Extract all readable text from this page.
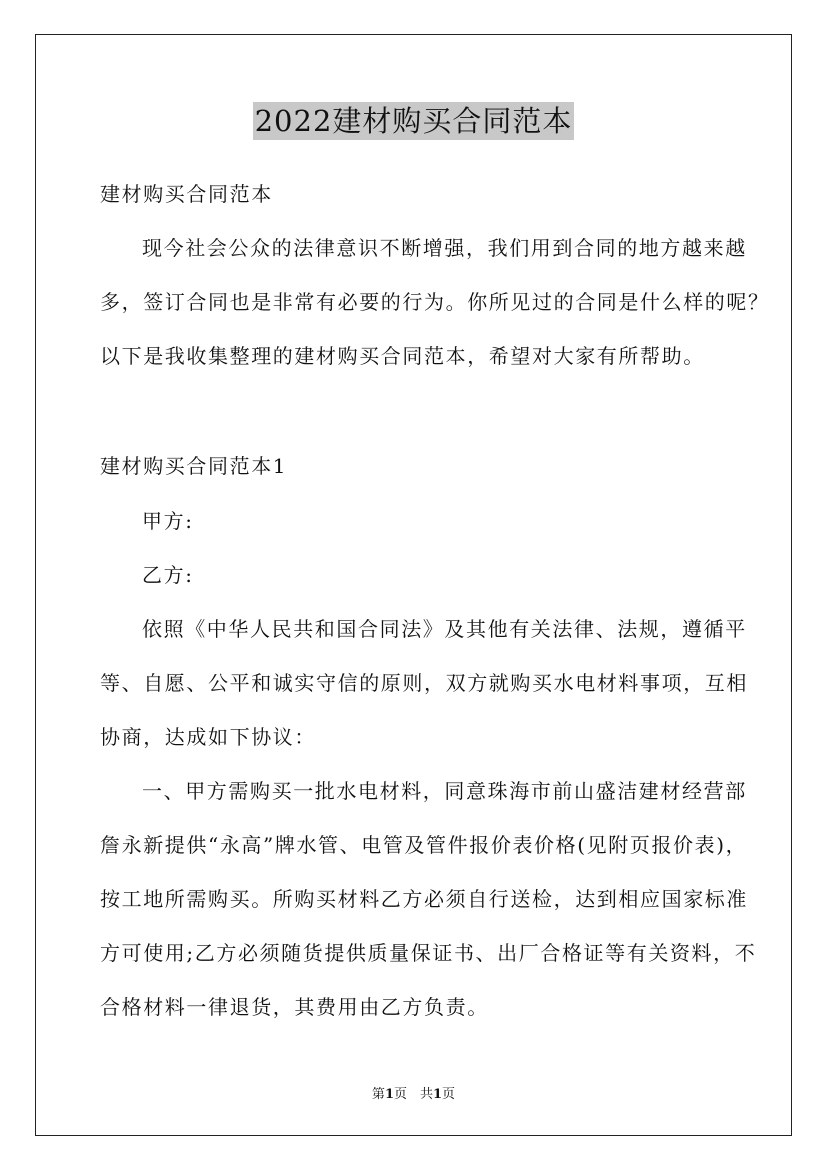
2022建材购买合同范本
建材购买合同范本
现今社会公众的法律意识不断增强，我们用到合同的地方越来越
多，签订合同也是非常有必要的行为。你所见过的合同是什么样的呢？
以下是我收集整理的建材购买合同范本，希望对大家有所帮助。
建材购买合同范本1
甲方:
乙方:
依照《中华人民共和国合同法》及其他有关法律、法规，遵循平
等、自愿、公平和诚实守信的原则，双方就购买水电材料事项，互相
协商，达成如下协议：
一、甲方需购买一批水电材料，同意珠海市前山盛洁建材经营部
詹永新提供“永高”牌水管、电管及管件报价表价格(见附页报价表)，
按工地所需购买。所购买材料乙方必须自行送检，达到相应国家标准
方可使用;乙方必须随货提供质量保证书、出厂合格证等有关资料，不
合格材料一律退货，其费用由乙方负责。
第1页　共1页
